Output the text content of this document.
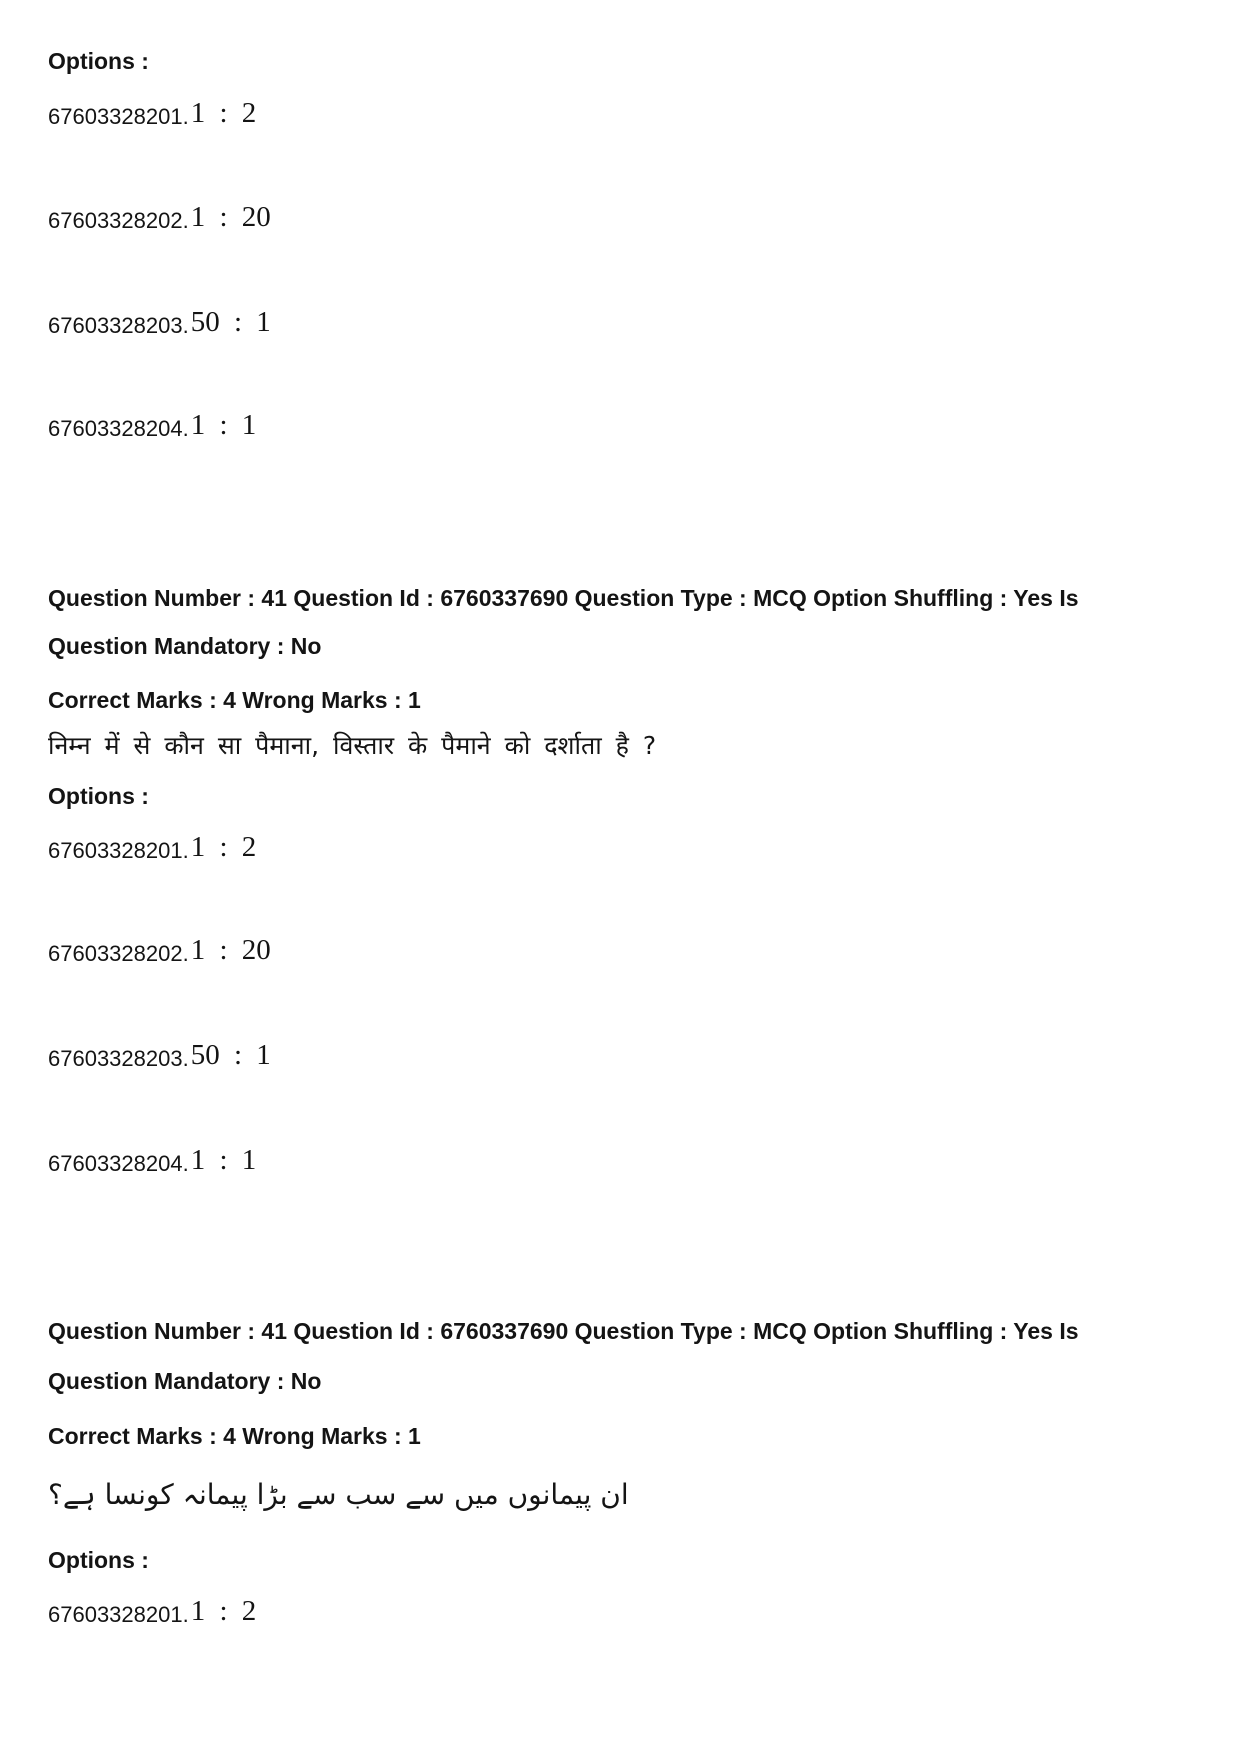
Options :
67603328201. 1 : 2
67603328202. 1 : 20
67603328203. 50 : 1
67603328204. 1 : 1
Question Number : 41 Question Id : 6760337690 Question Type : MCQ Option Shuffling : Yes Is
Question Mandatory : No
Correct Marks : 4 Wrong Marks : 1
निम्न में से कौन सा पैमाना, विस्तार के पैमाने को दर्शाता है ?
Options :
67603328201. 1 : 2
67603328202. 1 : 20
67603328203. 50 : 1
67603328204. 1 : 1
Question Number : 41 Question Id : 6760337690 Question Type : MCQ Option Shuffling : Yes Is
Question Mandatory : No
Correct Marks : 4 Wrong Marks : 1
ان پیمانوں میں سے سب سے بڑا پیمانہ کونسا ہے؟
Options :
67603328201. 1 : 2
